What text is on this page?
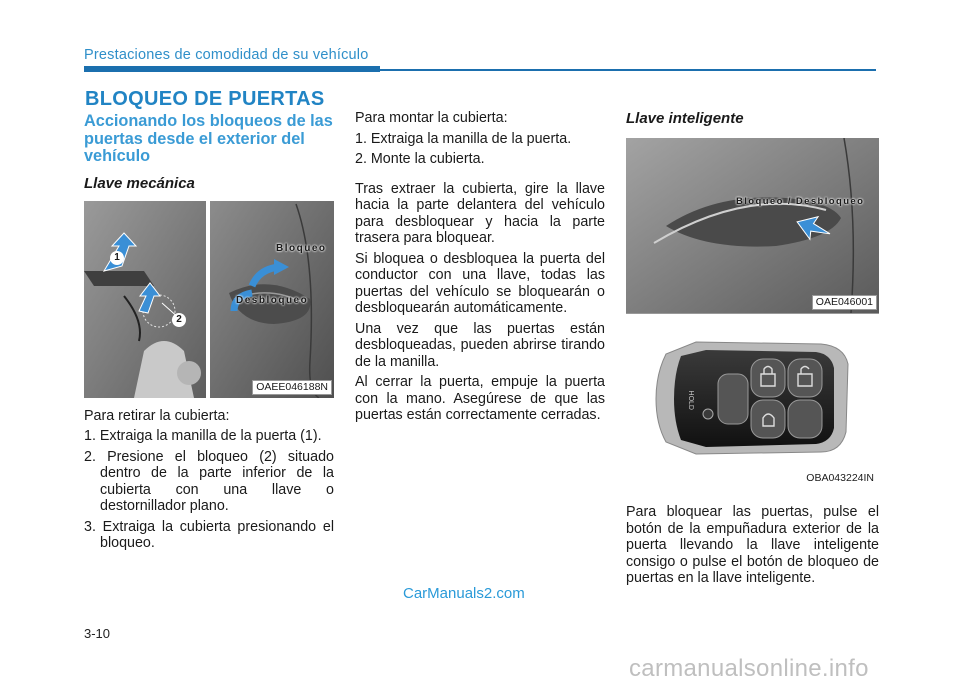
Prestaciones de comodidad de su vehículo
BLOQUEO DE PUERTAS
Accionando los bloqueos de las puertas desde el exterior del vehículo
Llave mecánica
1
2
Bloqueo
Desbloqueo
OAEE046188N
Para retirar la cubierta:
1. Extraiga la manilla de la puerta (1).
2. Presione el bloqueo (2) situado dentro de la parte inferior de la cubierta con una llave o destornillador plano.
3. Extraiga la cubierta presionando el bloqueo.
Para montar la cubierta:
1. Extraiga la manilla de la puerta.
2. Monte la cubierta.
Tras extraer la cubierta, gire la llave hacia la parte delantera del vehículo para desbloquear y hacia la parte trasera para bloquear.
Si bloquea o desbloquea la puerta del conductor con una llave, todas las puertas del vehículo se bloquearán o desbloquearán automáticamente.
Una vez que las puertas están desbloqueadas, pueden abrirse tirando de la manilla.
Al cerrar la puerta, empuje la puerta con la mano. Asegúrese de que las puertas están correctamente cerradas.
Llave inteligente
Bloqueo / Desbloqueo
OAE046001
HOLD
OBA043224IN
Para bloquear las puertas, pulse el botón de la empuñadura exterior de la puerta llevando la llave inteligente consigo o pulse el botón de bloqueo de puertas en la llave inteligente.
CarManuals2.com
3-10
carmanualsonline.info
